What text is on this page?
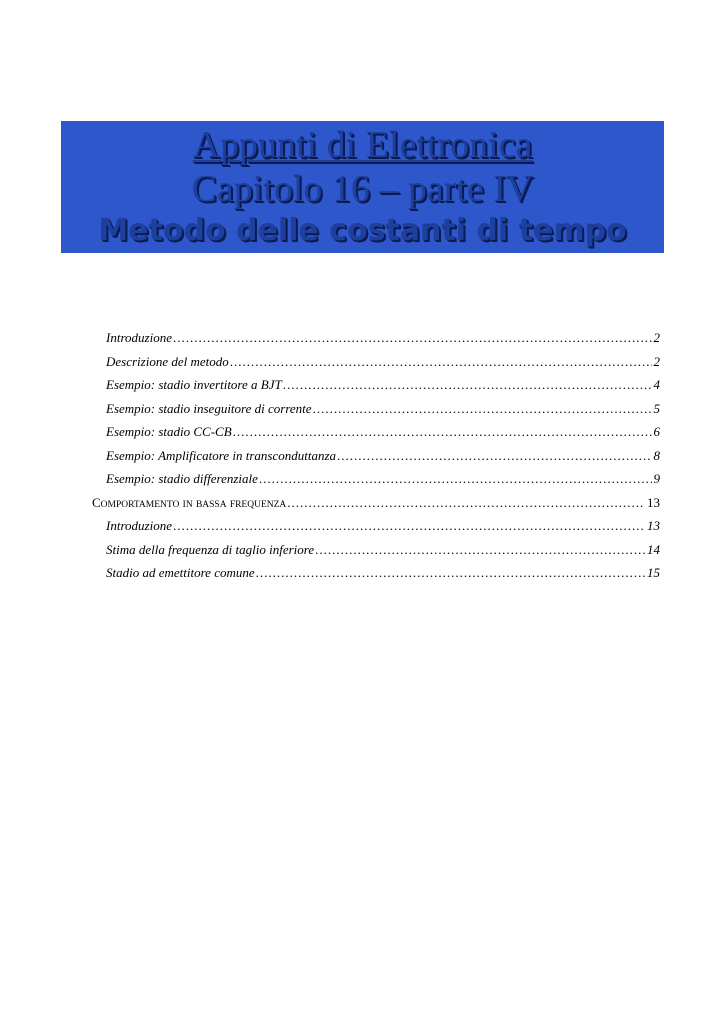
Appunti di Elettronica
Capitolo 16 – parte IV
Metodo delle costanti di tempo
Introduzione .....	2
Descrizione del metodo .....	2
Esempio: stadio invertitore a BJT .....	4
Esempio: stadio inseguitore di corrente .....	5
Esempio: stadio CC-CB .....	6
Esempio: Amplificatore in transconduttanza .....	8
Esempio: stadio differenziale .....	9
COMPORTAMENTO IN BASSA FREQUENZA .....	13
Introduzione .....	13
Stima della frequenza di taglio inferiore .....	14
Stadio ad emettitore comune .....	15
